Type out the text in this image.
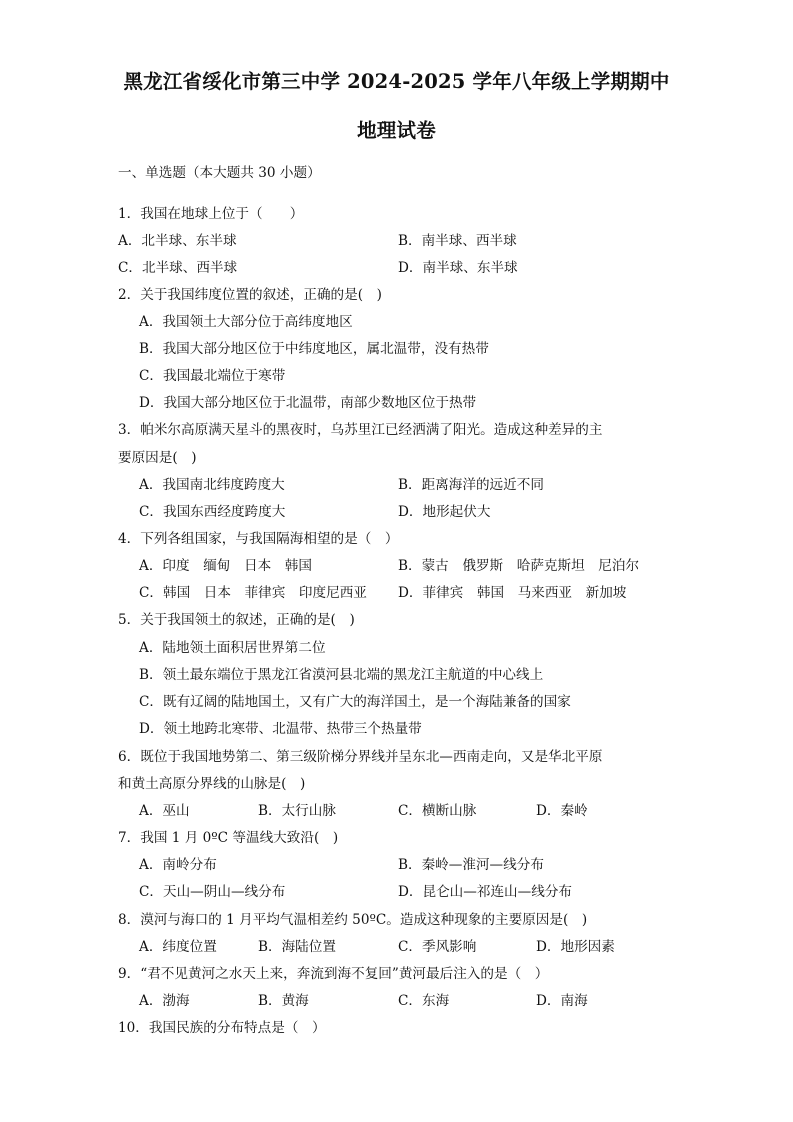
黑龙江省绥化市第三中学 2024-2025 学年八年级上学期期中
地理试卷
一、单选题（本大题共 30 小题）
1．我国在地球上位于（　　）
A．北半球、东半球	B．南半球、西半球
C．北半球、西半球	D．南半球、东半球
2．关于我国纬度位置的叙述，正确的是(　)
A．我国领土大部分位于高纬度地区
B．我国大部分地区位于中纬度地区，属北温带，没有热带
C．我国最北端位于寒带
D．我国大部分地区位于北温带，南部少数地区位于热带
3．帕米尔高原满天星斗的黑夜时，乌苏里江已经洒满了阳光。造成这种差异的主
要原因是(　)
A．我国南北纬度跨度大	B．距离海洋的远近不同
C．我国东西经度跨度大	D．地形起伏大
4．下列各组国家，与我国隔海相望的是（　）
A．印度　缅甸　日本　韩国	B．蒙古　俄罗斯　哈萨克斯坦　尼泊尔
C．韩国　日本　菲律宾　印度尼西亚 D．菲律宾　韩国　马来西亚　新加坡
5．关于我国领土的叙述，正确的是(　)
A．陆地领土面积居世界第二位
B．领土最东端位于黑龙江省漠河县北端的黑龙江主航道的中心线上
C．既有辽阔的陆地国土，又有广大的海洋国土，是一个海陆兼备的国家
D．领土地跨北寒带、北温带、热带三个热量带
6．既位于我国地势第二、第三级阶梯分界线并呈东北—西南走向，又是华北平原
和黄土高原分界线的山脉是(　)
A．巫山	B．太行山脉	C．横断山脉	D．秦岭
7．我国 1 月 0ºC 等温线大致沿(　)
A．南岭分布	B．秦岭—淮河—线分布
C．天山—阴山—线分布	D．昆仑山—祁连山—线分布
8．漠河与海口的 1 月平均气温相差约 50ºC。造成这种现象的主要原因是(　)
A．纬度位置	B．海陆位置	C．季风影响	D．地形因素
9．“君不见黄河之水天上来，奔流到海不复回”黄河最后注入的是（　）
A．渤海	B．黄海	C．东海	D．南海
10．我国民族的分布特点是（　）
